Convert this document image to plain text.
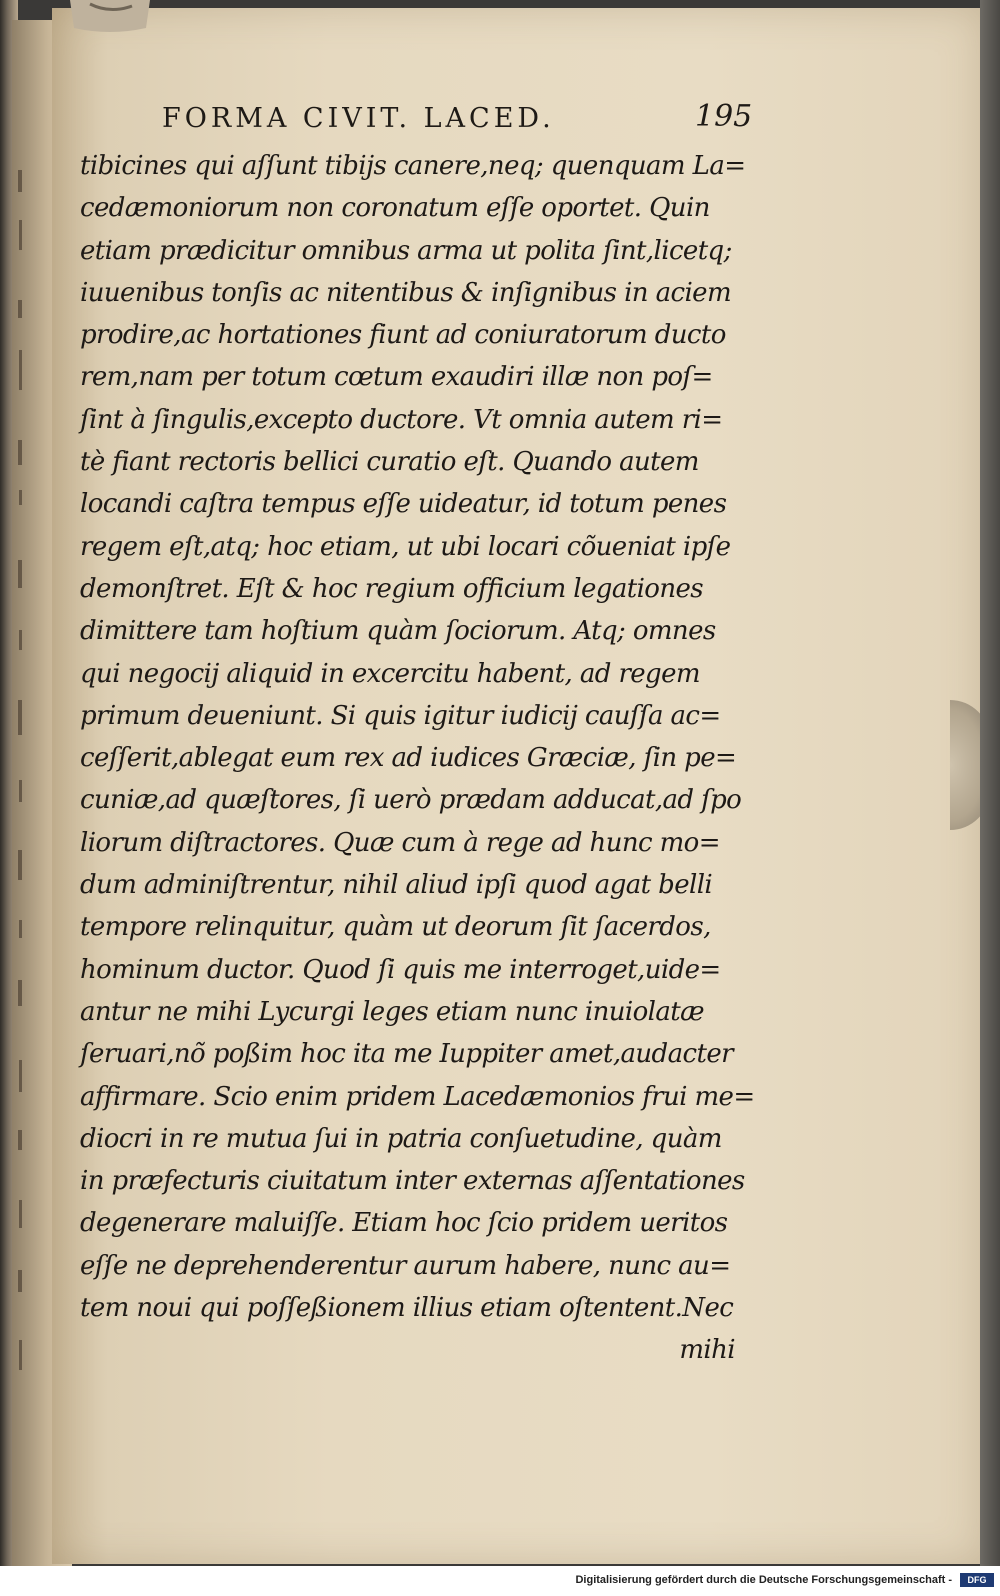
FORMA CIVIT. LACED.	195
tibicines qui aſſunt tibijs canere,neq; quenquam La=
cedæmoniorum non coronatum eſſe oportet. Quin
etiam prædicitur omnibus arma ut polita ſint,licetq;
iuuenibus tonſis ac nitentibus & inſignibus in aciem
prodire,ac hortationes fiunt ad coniuratorum ducto
rem,nam per totum cœtum exaudiri illæ non poſ=
ſint à ſingulis,excepto ductore. Vt omnia autem ri=
tè fiant rectoris bellici curatio eſt. Quando autem
locandi caſtra tempus eſſe uideatur, id totum penes
regem eſt,atq; hoc etiam, ut ubi locari cõueniat ipſe
demonſtret. Eſt & hoc regium officium legationes
dimittere tam hoſtium quàm ſociorum. Atq; omnes
qui negocij aliquid in excercitu habent, ad regem
primum deueniunt. Si quis igitur iudicij cauſſa ac=
ceſſerit,ablegat eum rex ad iudices Græciæ, ſin pe=
cuniæ,ad quæſtores, ſi uerò prædam adducat,ad ſpo
liorum diſtractores. Quæ cum à rege ad hunc mo=
dum adminiſtrentur, nihil aliud ipſi quod agat belli
tempore relinquitur, quàm ut deorum ſit ſacerdos,
hominum ductor. Quod ſi quis me interroget,uide=
antur ne mihi Lycurgi leges etiam nunc inuiolatæ
ſeruari,nõ poßim hoc ita me Iuppiter amet,audacter
affirmare. Scio enim pridem Lacedæmonios frui me=
diocri in re mutua ſui in patria conſuetudine, quàm
in præfecturis ciuitatum inter externas aſſentationes
degenerare maluiſſe. Etiam hoc ſcio pridem ueritos
eſſe ne deprehenderentur aurum habere, nunc au=
tem noui qui poſſeßionem illius etiam oſtentent.Nec
mihi
Digitalisierung gefördert durch die Deutsche Forschungsgemeinschaft -	DFG
